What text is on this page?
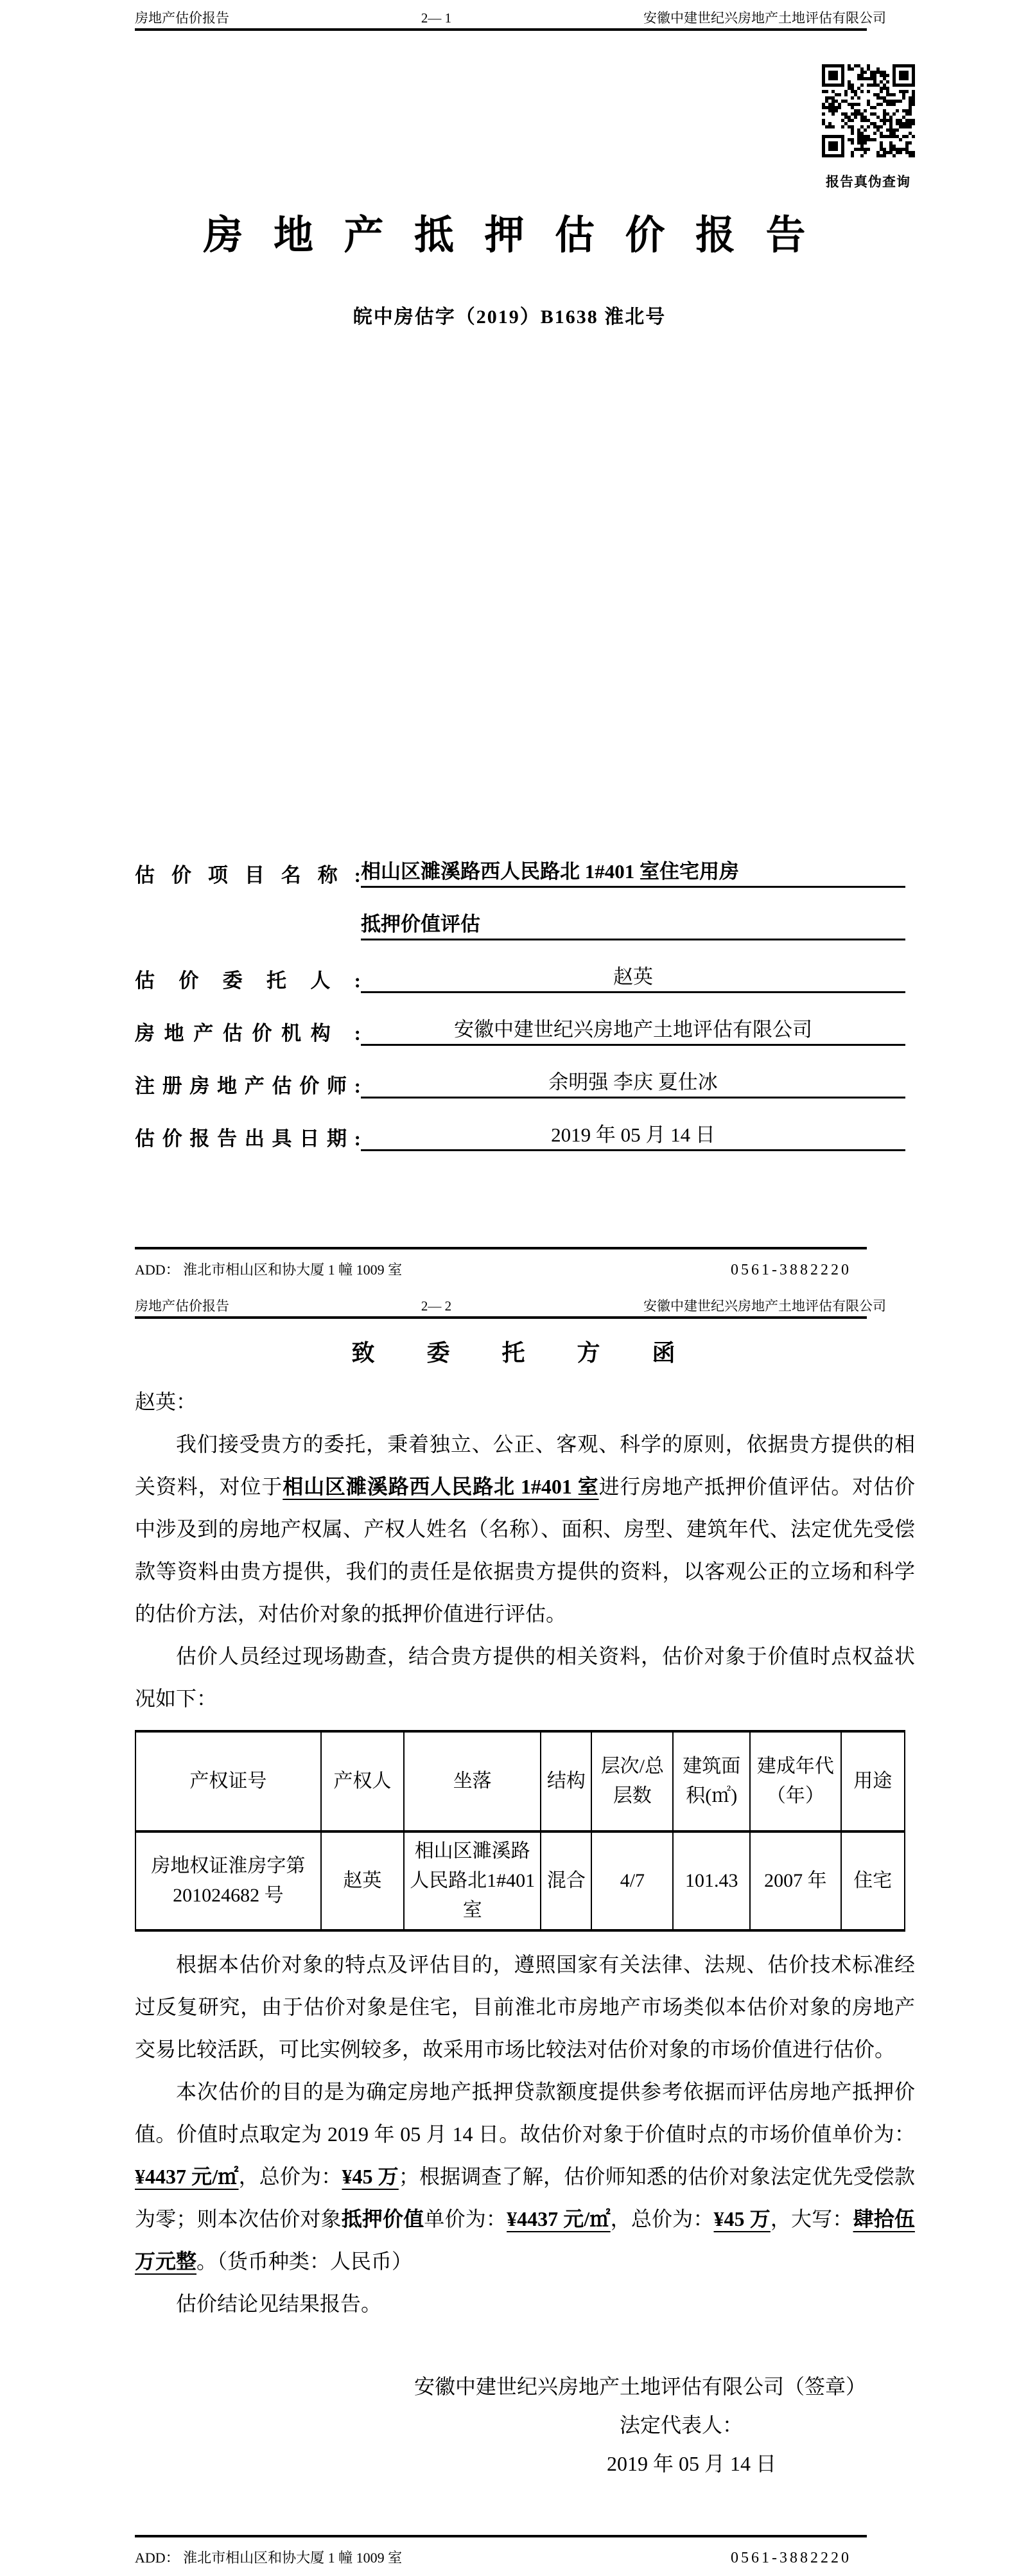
房地产估价报告	2— 1	安徽中建世纪兴房地产土地评估有限公司
报告真伪查询
房 地 产 抵 押 估 价 报 告
皖中房估字（2019）B1638 淮北号
估 价 项 目 名 称 : 相山区濉溪路西人民路北 1#401 室住宅用房
抵押价值评估
估 价 委 托 人 :	赵英
房地产估价机构 :	安徽中建世纪兴房地产土地评估有限公司
注册房地产估价师:	余明强 李庆 夏仕冰
估价报告出具日期:	2019 年 05 月 14 日
ADD： 淮北市相山区和协大厦 1 幢 1009 室	0561-3882220
房地产估价报告	2— 2	安徽中建世纪兴房地产土地评估有限公司
致 委 托 方 函

赵英：

我们接受贵方的委托，秉着独立、公正、客观、科学的原则，依据贵方提供的相关资料，对位于相山区濉溪路西人民路北 1#401 室进行房地产抵押价值评估。对估价中涉及到的房地产权属、产权人姓名（名称）、面积、房型、建筑年代、法定优先受偿款等资料由贵方提供，我们的责任是依据贵方提供的资料，以客观公正的立场和科学的估价方法，对估价对象的抵押价值进行评估。

估价人员经过现场勘查，结合贵方提供的相关资料，估价对象于价值时点权益状况如下：

产权证号	产权人	坐落	结构	层次/总层数	建筑面积(㎡)	建成年代（年）	用途
房地权证淮房字第 201024682 号	赵英	相山区濉溪路人民路北1#401 室	混合	4/7	101.43	2007 年	住宅

根据本估价对象的特点及评估目的，遵照国家有关法律、法规、估价技术标准经过反复研究，由于估价对象是住宅，目前淮北市房地产市场类似本估价对象的房地产交易比较活跃，可比实例较多，故采用市场比较法对估价对象的市场价值进行估价。

本次估价的目的是为确定房地产抵押贷款额度提供参考依据而评估房地产抵押价值。价值时点取定为 2019 年 05 月 14 日。故估价对象于价值时点的市场价值单价为：¥4437 元/㎡，总价为：¥45 万；根据调查了解，估价师知悉的估价对象法定优先受偿款为零；则本次估价对象抵押价值单价为：¥4437 元/㎡，总价为：¥45 万，大写：肆拾伍万元整。（货币种类：人民币）

估价结论见结果报告。

安徽中建世纪兴房地产土地评估有限公司（签章）

法定代表人：

2019 年 05 月 14 日

ADD： 淮北市相山区和协大厦 1 幢 1009 室	0561-3882220
